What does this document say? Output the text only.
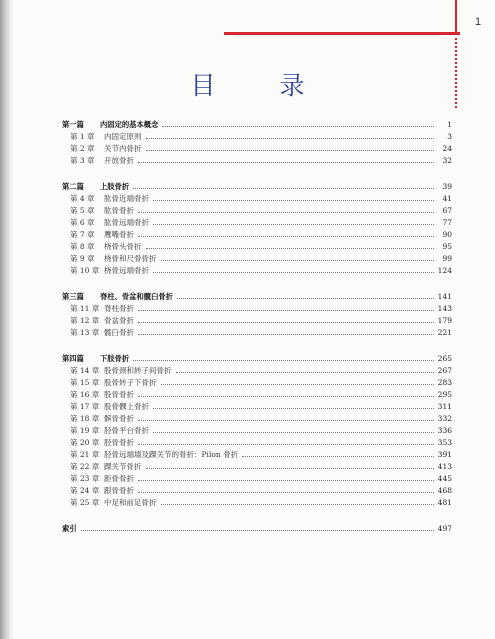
1
目 录
第一篇 内固定的基本概念	1
第 1 章 内固定原则	3
第 2 章 关节内骨折	24
第 3 章 开放骨折	32
第二篇 上肢骨折	39
第 4 章 肱骨近端骨折	41
第 5 章 肱骨骨折	67
第 6 章 肱骨远端骨折	77
第 7 章 鹰嘴骨折	90
第 8 章 桡骨头骨折	95
第 9 章 桡骨和尺骨骨折	99
第 10 章 桡骨远端骨折	124
第三篇 脊柱、骨盆和髋臼骨折	141
第 11 章 脊柱骨折	143
第 12 章 骨盆骨折	179
第 13 章 髋臼骨折	221
第四篇 下肢骨折	265
第 14 章 股骨颈和转子间骨折	267
第 15 章 股骨转子下骨折	283
第 16 章 股骨骨折	295
第 17 章 股骨髁上骨折	311
第 18 章 髌骨骨折	332
第 19 章 胫骨平台骨折	336
第 20 章 胫骨骨折	353
第 21 章 胫骨远端墙及踝关节的骨折：Pilon 骨折	391
第 22 章 踝关节骨折	413
第 23 章 距骨骨折	445
第 24 章 跟骨骨折	468
第 25 章 中足和前足骨折	481
索引	497
